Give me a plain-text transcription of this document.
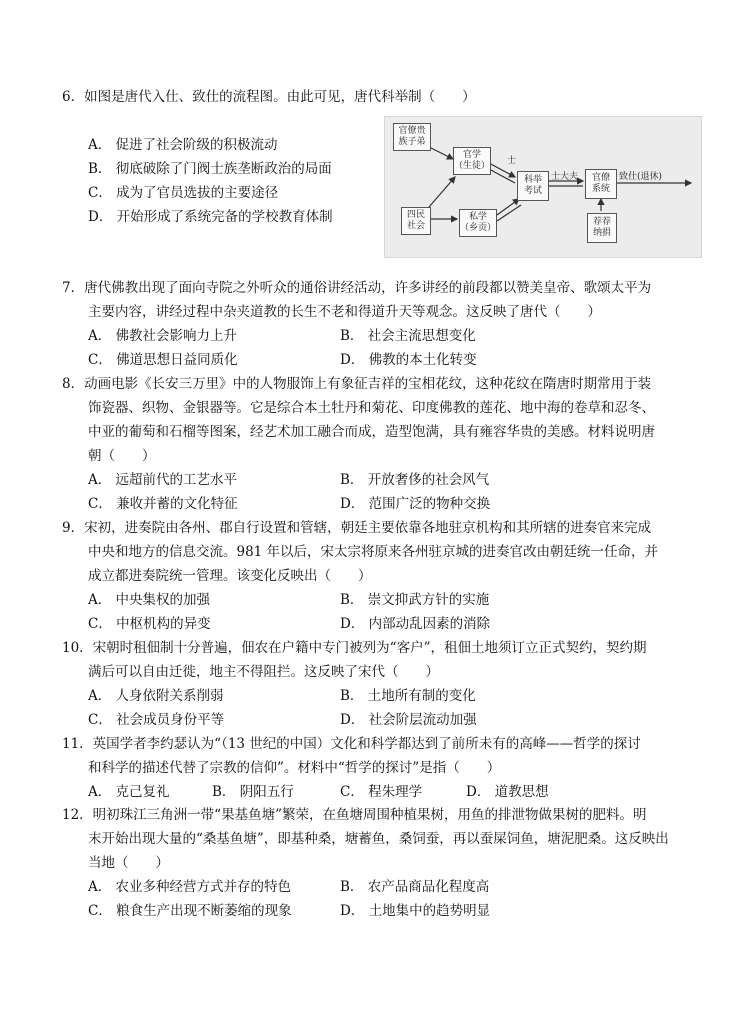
6．如图是唐代入仕、致仕的流程图。由此可见，唐代科举制（　　）
A． 促进了社会阶级的积极流动
B． 彻底破除了门阀士族垄断政治的局面
C． 成为了官员选拔的主要途径
D． 开始形成了系统完备的学校教育体制
官僚贵
族子弟
官学
（生徒）
科举
考试
官僚
系统
四民
社会
私学
（乡贡）
荐荐
纳捐
士
士大夫	致仕(退休)
7．唐代佛教出现了面向寺院之外听众的通俗讲经活动，许多讲经的前段都以赞美皇帝、歌颂太平为
主要内容，讲经过程中杂夹道教的长生不老和得道升天等观念。这反映了唐代（　　）
A． 佛教社会影响力上升	B． 社会主流思想变化
C． 佛道思想日益同质化	D． 佛教的本土化转变
8．动画电影《长安三万里》中的人物服饰上有象征吉祥的宝相花纹，这种花纹在隋唐时期常用于装
饰瓷器、织物、金银器等。它是综合本土牡丹和菊花、印度佛教的莲花、地中海的卷草和忍冬、
中亚的葡萄和石榴等图案，经艺术加工融合而成，造型饱满，具有雍容华贵的美感。材料说明唐
朝（　　）
A． 远超前代的工艺水平	B． 开放奢侈的社会风气
C． 兼收并蓄的文化特征	D． 范围广泛的物种交换
9．宋初，进奏院由各州、郡自行设置和管辖，朝廷主要依靠各地驻京机构和其所辖的进奏官来完成
中央和地方的信息交流。981 年以后，宋太宗将原来各州驻京城的进奏官改由朝廷统一任命，并
成立都进奏院统一管理。该变化反映出（　　）
A． 中央集权的加强	B． 崇文抑武方针的实施
C． 中枢机构的异变	D． 内部动乱因素的消除
10．宋朝时租佃制十分普遍，佃农在户籍中专门被列为“客户”，租佃土地须订立正式契约，契约期
满后可以自由迁徙，地主不得阻拦。这反映了宋代（　　）
A． 人身依附关系削弱	B． 土地所有制的变化
C． 社会成员身份平等	D． 社会阶层流动加强
11．英国学者李约瑟认为“（13 世纪的中国）文化和科学都达到了前所未有的高峰——哲学的探讨
和科学的描述代替了宗教的信仰”。材料中“哲学的探讨”是指（　　）
A． 克己复礼	B． 阴阳五行	C． 程朱理学	D． 道教思想
12．明初珠江三角洲一带“果基鱼塘”繁荣，在鱼塘周围种植果树，用鱼的排泄物做果树的肥料。明
末开始出现大量的“桑基鱼塘”，即基种桑，塘蓄鱼，桑饲蚕，再以蚕屎饲鱼，塘泥肥桑。这反映出
当地（　　）
A． 农业多种经营方式并存的特色	B． 农产品商品化程度高
C． 粮食生产出现不断萎缩的现象	D． 土地集中的趋势明显
